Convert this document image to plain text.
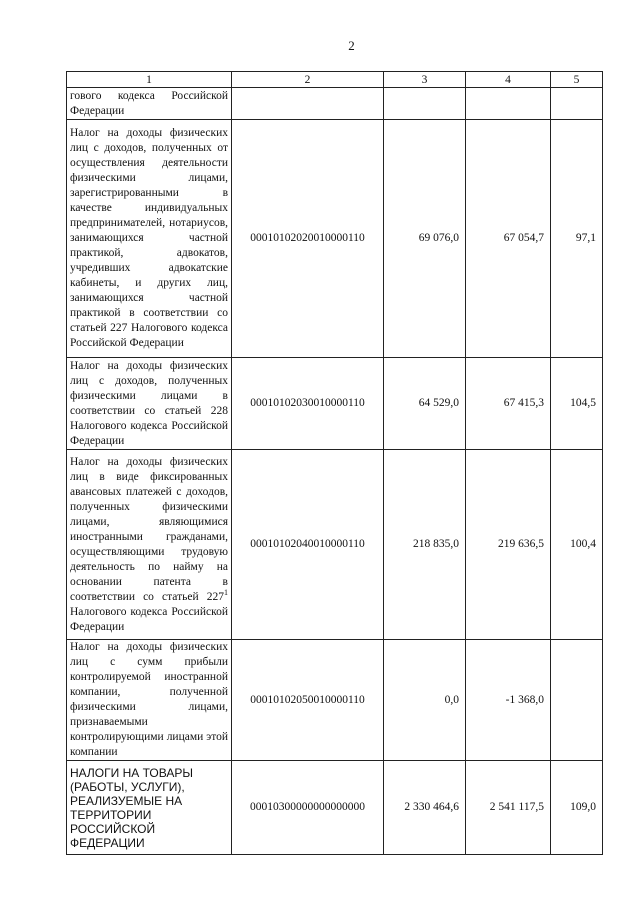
2
1	2	3	4	5
гового кодекса Российской Федерации				
Налог на доходы физических лиц с доходов, полученных от осуществления деятельности физическими лицами, зарегистрированными в качестве индивидуальных предпринимателей, нотариусов, занимающихся частной практикой, адвокатов, учредивших адвокатские кабинеты, и других лиц, занимающихся частной практикой в соответствии со статьей 227 Налогового кодекса Российской Федерации	00010102020010000110	69 076,0	67 054,7	97,1
Налог на доходы физических лиц с доходов, полученных физическими лицами в соответствии со статьей 228 Налогового кодекса Российской Федерации	00010102030010000110	64 529,0	67 415,3	104,5
Налог на доходы физических лиц в виде фиксированных авансовых платежей с доходов, полученных физическими лицами, являющимися иностранными гражданами, осуществляющими трудовую деятельность по найму на основании патента в соответствии со статьей $227^1$ Налогового кодекса Российской Федерации	00010102040010000110	218 835,0	219 636,5	100,4
Налог на доходы физических лиц с сумм прибыли контролируемой иностранной компании, полученной физическими лицами, признаваемыми контролирующими лицами этой компании	00010102050010000110	0,0	-1 368,0	
НАЛОГИ НА ТОВАРЫ (РАБОТЫ, УСЛУГИ), РЕАЛИЗУЕМЫЕ НА ТЕРРИТОРИИ РОССИЙСКОЙ ФЕДЕРАЦИИ	00010300000000000000	2 330 464,6	2 541 117,5	109,0
